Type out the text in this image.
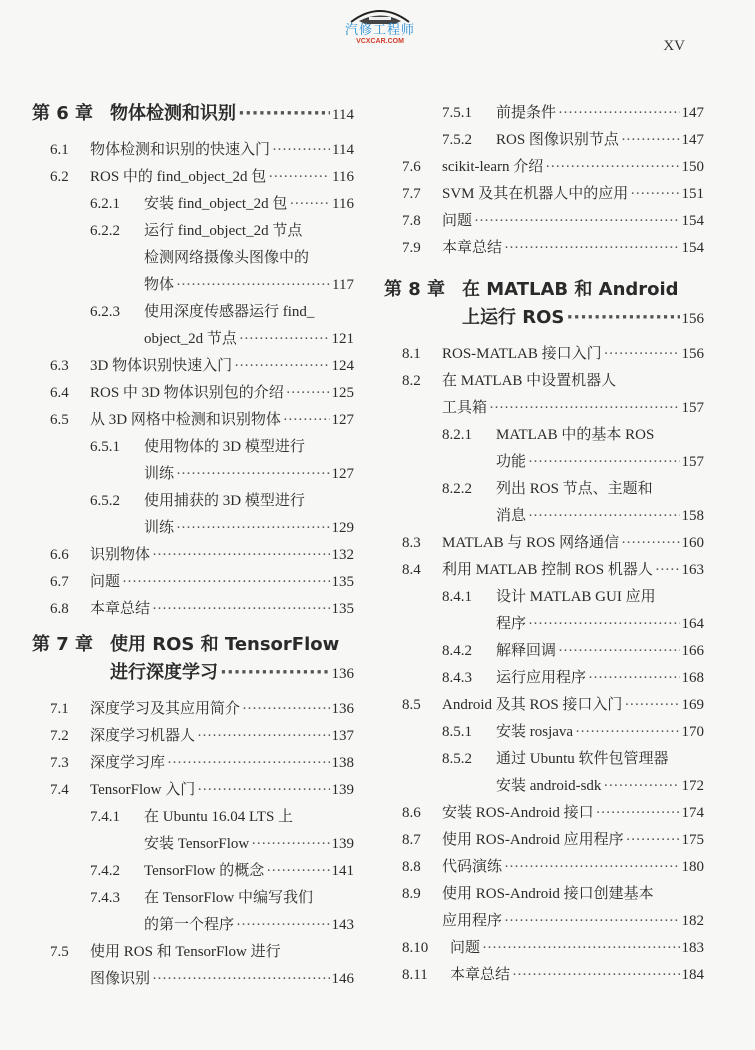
汽修工程师
VCXCAR.COM	XV
第 6 章 物体检测和识别 ·····	114
6.1	物体检测和识别的快速入门 ·····	114
6.2	ROS 中的 find_object_2d 包 ·····	116
6.2.1	安装 find_object_2d 包 ·····	116
6.2.2	运行 find_object_2d 节点
检测网络摄像头图像中的
物体 ·····	117
6.2.3	使用深度传感器运行 find_
object_2d 节点 ·····	121
6.3	3D 物体识别快速入门 ·····	124
6.4	ROS 中 3D 物体识别包的介绍 ·····	125
6.5	从 3D 网格中检测和识别物体 ·····	127
6.5.1	使用物体的 3D 模型进行
训练 ·····	127
6.5.2	使用捕获的 3D 模型进行
训练 ·····	129
6.6	识别物体 ·····	132
6.7	问题 ·····	135
6.8	本章总结 ·····	135
第 7 章 使用 ROS 和 TensorFlow
进行深度学习 ·····	136
7.1	深度学习及其应用简介 ·····	136
7.2	深度学习机器人 ·····	137
7.3	深度学习库 ·····	138
7.4	TensorFlow 入门 ·····	139
7.4.1	在 Ubuntu 16.04 LTS 上
安装 TensorFlow ·····	139
7.4.2	TensorFlow 的概念 ·····	141
7.4.3	在 TensorFlow 中编写我们
的第一个程序 ·····	143
7.5	使用 ROS 和 TensorFlow 进行
图像识别 ·····	146
7.5.1	前提条件 ·····	147
7.5.2	ROS 图像识别节点 ·····	147
7.6	scikit-learn 介绍 ·····	150
7.7	SVM 及其在机器人中的应用 ·····	151
7.8	问题 ·····	154
7.9	本章总结 ·····	154
第 8 章 在 MATLAB 和 Android
上运行 ROS ·····	156
8.1	ROS-MATLAB 接口入门 ·····	156
8.2	在 MATLAB 中设置机器人
工具箱 ·····	157
8.2.1	MATLAB 中的基本 ROS
功能 ·····	157
8.2.2	列出 ROS 节点、主题和
消息 ·····	158
8.3	MATLAB 与 ROS 网络通信 ·····	160
8.4	利用 MATLAB 控制 ROS 机器人 ····· 163
8.4.1	设计 MATLAB GUI 应用
程序 ·····	164
8.4.2	解释回调 ·····	166
8.4.3	运行应用程序 ·····	168
8.5	Android 及其 ROS 接口入门 ·····	169
8.5.1	安装 rosjava ·····	170
8.5.2	通过 Ubuntu 软件包管理器
安装 android-sdk ·····	172
8.6	安装 ROS-Android 接口 ·····	174
8.7	使用 ROS-Android 应用程序 ·····	175
8.8	代码演练 ·····	180
8.9	使用 ROS-Android 接口创建基本
应用程序 ·····	182
8.10	问题 ·····	183
8.11	本章总结 ·····	184
